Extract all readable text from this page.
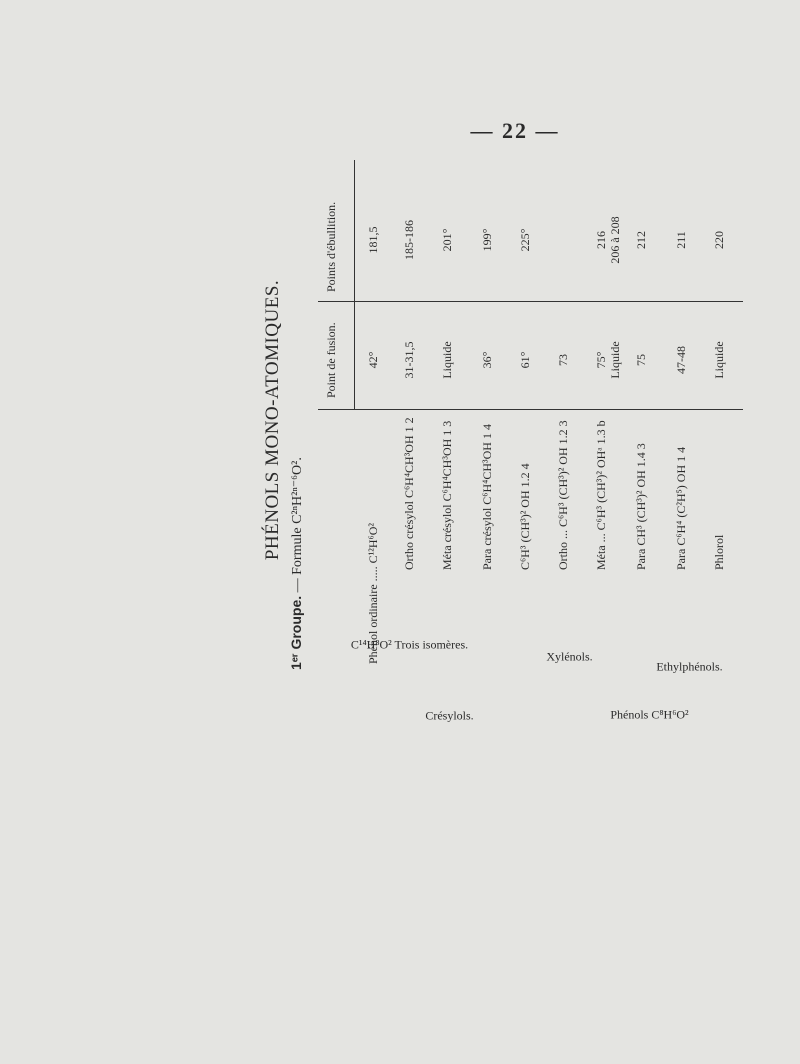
— 22 —
PHÉNOLS MONO-ATOMIQUES.
1ᵉʳ Groupe. — Formule C²ⁿH²ⁿ⁻⁶O².
Point de fusion.
Points d'ébullition.
Phénol ordinaire ..... C¹²H⁶O²
42°
181,5
Ortho crésylol C⁶H⁴CH³OH 1 2
31-31,5
185-186
Méta crésylol C⁶H⁴CH³OH 1 3
Liquide
201°
Para crésylol C⁶H⁴CH³OH 1 4
36°
199°
C⁶H³ (CH³)² OH 1.2 4
61°
225°
Ortho ... C⁶H³ (CH³)² OH 1.2 3
73
Méta ... C⁶H³ (CH³)² OHᵃ 1.3 b
75°
216
Liquide
206 à 208
Para CH³ (CH³)² OH 1.4 3
75
212
Para C⁶H⁴ (C²H⁵) OH 1 4
47-48
211
Phlorol
Liquide
220
Crésylols.	Phénols C⁸H⁶O²
C¹⁴H⁸O² Trois isomères.
Xylénols.
Ethylphénols.
